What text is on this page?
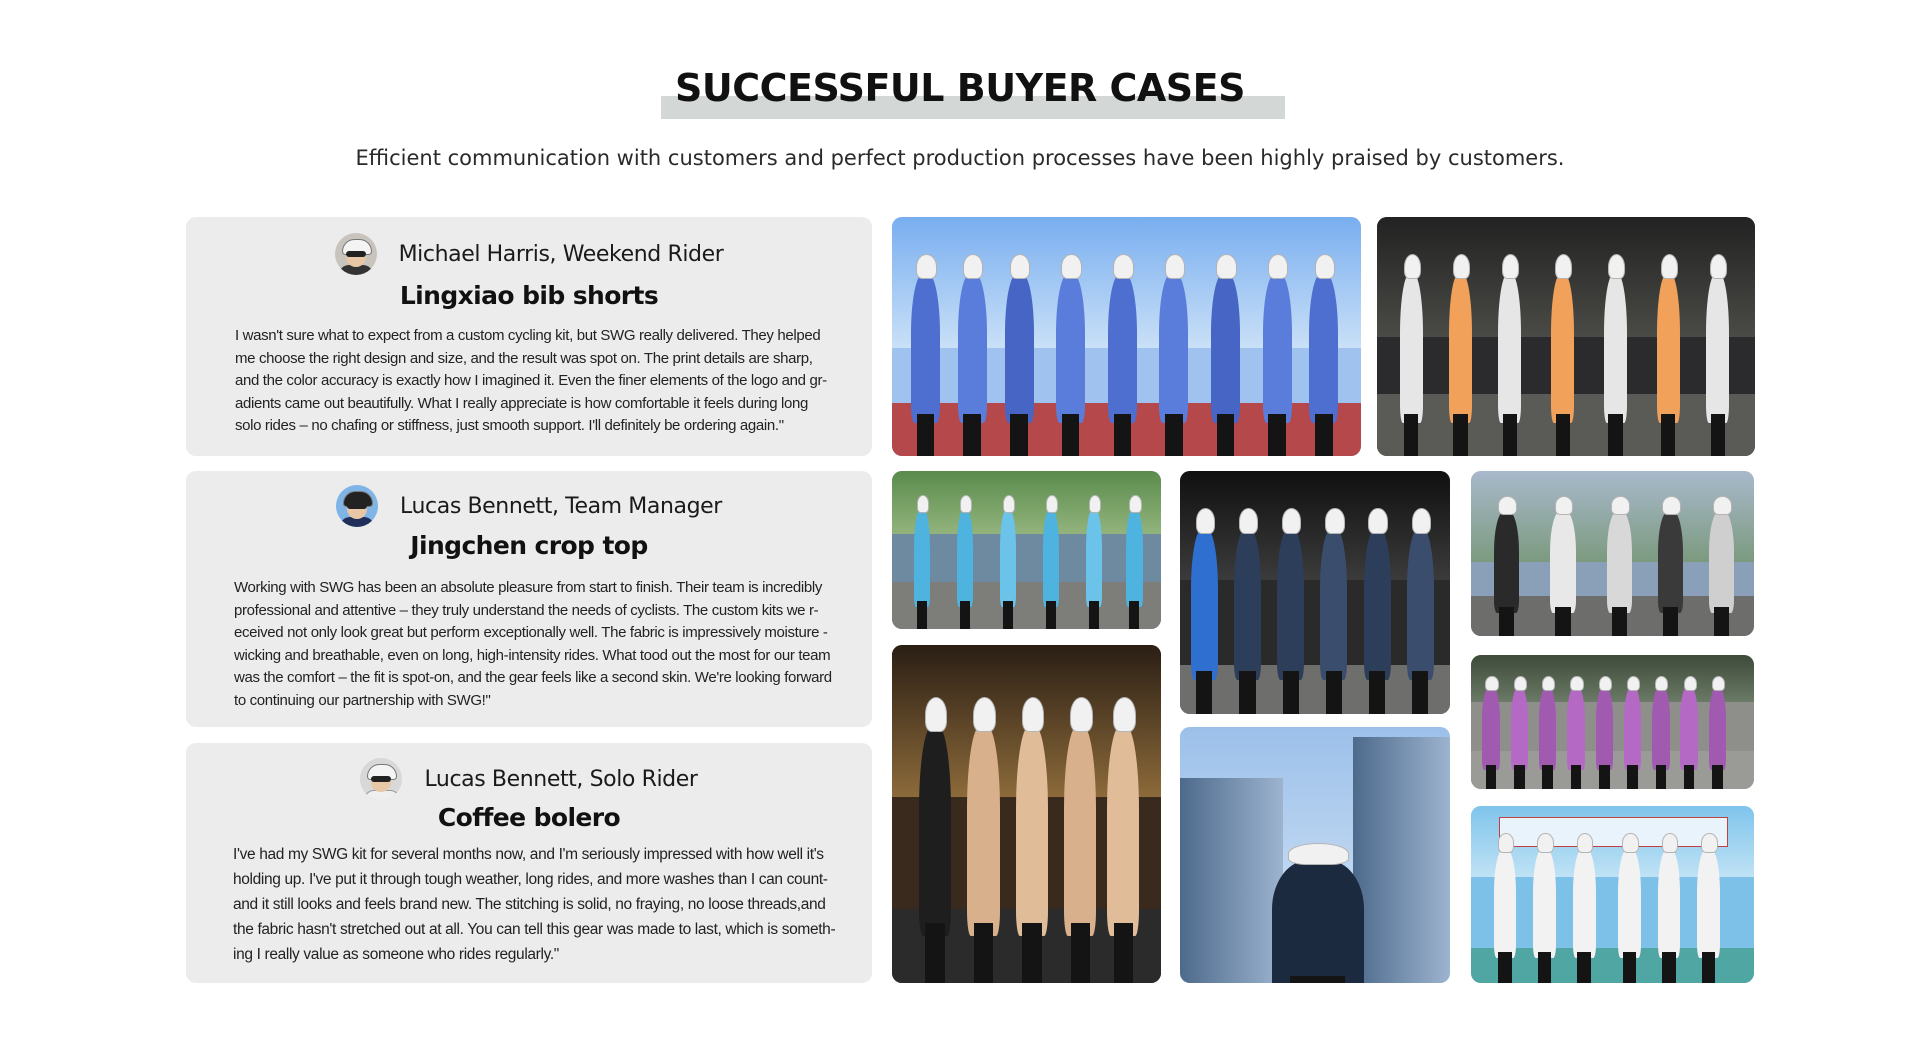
SUCCESSFUL BUYER CASES

Efficient communication with customers and perfect production processes have been highly praised by customers.

Michael Harris, Weekend Rider
Lingxiao bib shorts

I wasn't sure what to expect from a custom cycling kit, but SWG really delivered. They helped me choose the right design and size, and the result was spot on. The print details are sharp, and the color accuracy is exactly how I imagined it. Even the finer elements of the logo and gr-adients came out beautifully. What I really appreciate is how comfortable it feels during long solo rides – no chafing or stiffness, just smooth support. I'll definitely be ordering again."

Lucas Bennett, Team Manager
Jingchen crop top

Working with SWG has been an absolute pleasure from start to finish. Their team is incredibly professional and attentive – they truly understand the needs of cyclists. The custom kits we r-eceived not only look great but perform exceptionally well. The fabric is impressively moisture -wicking and breathable, even on long, high-intensity rides. What tood out the most for our team was the comfort – the fit is spot-on, and the gear feels like a second skin. We're looking forward to continuing our partnership with SWG!"

Lucas Bennett, Solo Rider
Coffee bolero

I've had my SWG kit for several months now, and I'm seriously impressed with how well it's holding up. I've put it through tough weather, long rides, and more washes than I can count-and it still looks and feels brand new. The stitching is solid, no fraying, no loose threads,and the fabric hasn't stretched out at all. You can tell this gear was made to last, which is someth-ing I really value as someone who rides regularly."
